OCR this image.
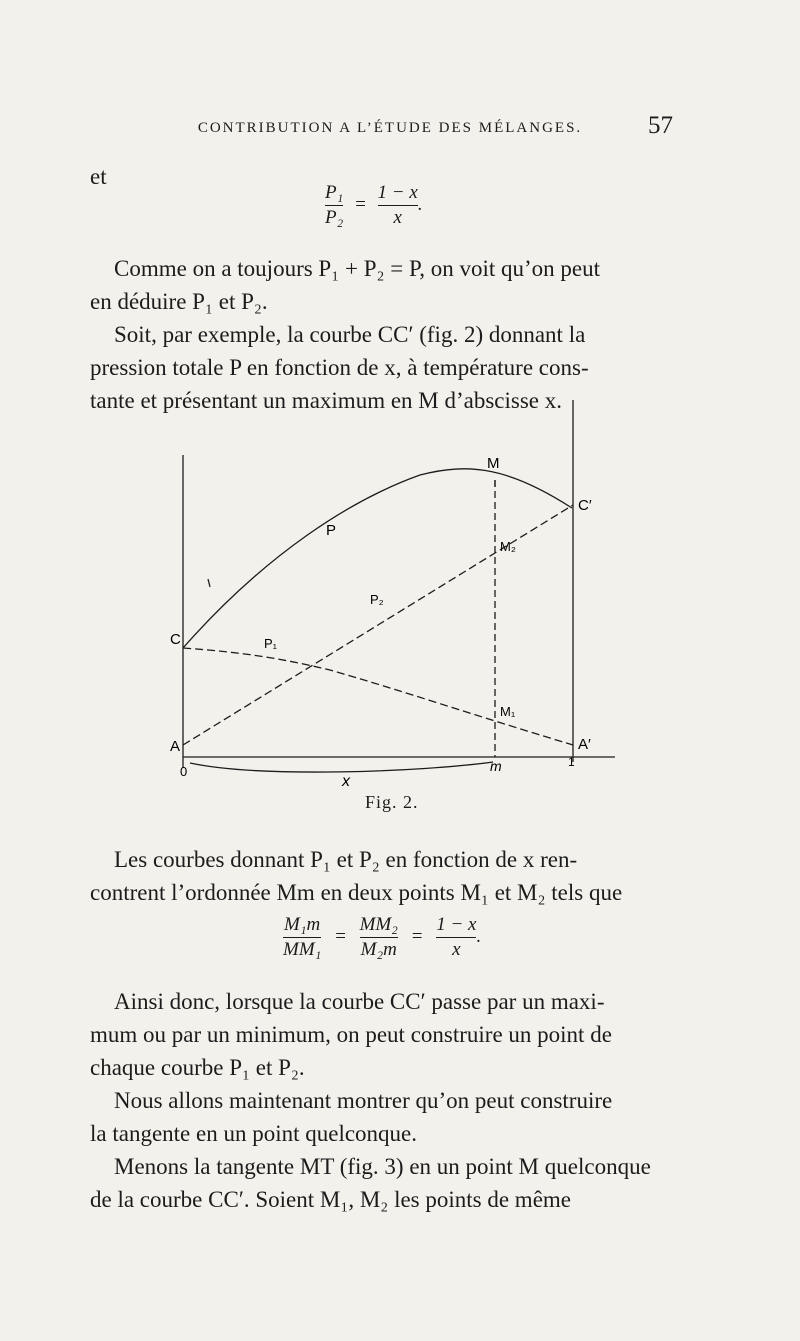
CONTRIBUTION A L’ÉTUDE DES MÉLANGES.	57
et
$\frac{\text{P₁}}{\text{P₂}} = \frac{1 - x}{x}$ .
Comme on a toujours P₁ + P₂ = P, on voit qu’on peut
en déduire P₁ et P₂.
Soit, par exemple, la courbe CC′ (fig. 2) donnant la
pression totale P en fonction de x, à température cons-
tante et présentant un maximum en M d’abscisse x.
M
C′
P
M₂
P₂
C	P₁
M₁
A	A′
0	m	1
x
Fig. 2.
Les courbes donnant P₁ et P₂ en fonction de x ren-
contrent l’ordonnée Mm en deux points M₁ et M₂ tels que
$\frac{\text{M₁m}}{\text{MM₁}} = \frac{\text{MM₂}}{\text{M₂m}} = \frac{1 - x}{x}$ .
Ainsi donc, lorsque la courbe CC′ passe par un maxi-
mum ou par un minimum, on peut construire un point de
chaque courbe P₁ et P₂.
Nous allons maintenant montrer qu’on peut construire
la tangente en un point quelconque.
Menons la tangente MT (fig. 3) en un point M quelconque
de la courbe CC′. Soient M₁, M₂ les points de même
